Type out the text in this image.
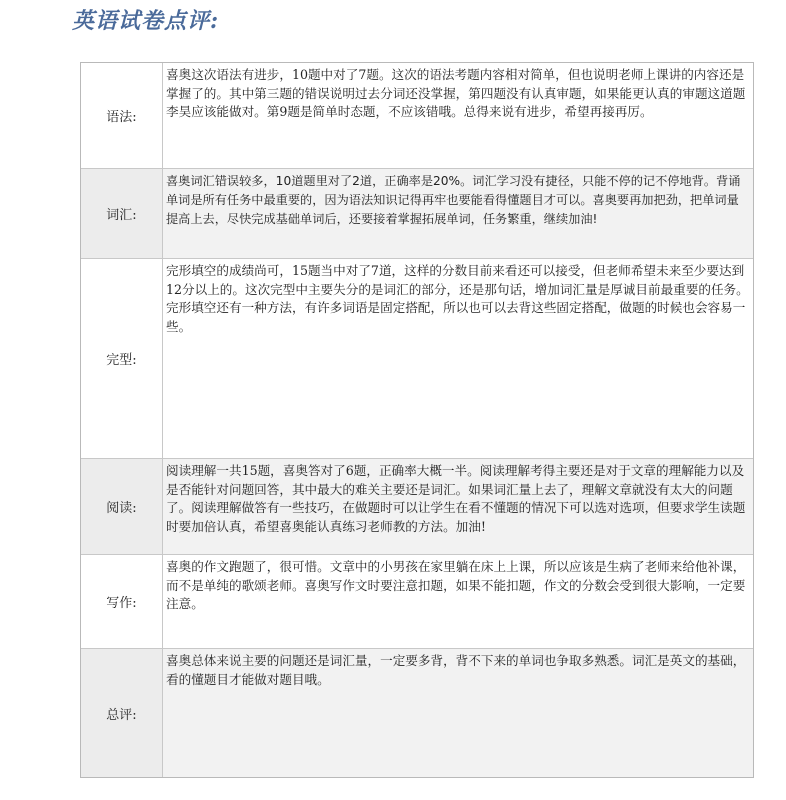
英语试卷点评:
语法:
喜奥这次语法有进步，10题中对了7题。这次的语法考题内容相对简单，但也说明老师上课讲的内容还是掌握了的。其中第三题的错误说明过去分词还没掌握，第四题没有认真审题，如果能更认真的审题这道题李昊应该能做对。第9题是简单时态题，不应该错哦。总得来说有进步，希望再接再厉。
词汇:
喜奥词汇错误较多，10道题里对了2道，正确率是20%。词汇学习没有捷径，只能不停的记不停地背。背诵单词是所有任务中最重要的，因为语法知识记得再牢也要能看得懂题目才可以。喜奥要再加把劲，把单词量提高上去，尽快完成基础单词后，还要接着掌握拓展单词，任务繁重，继续加油!
完型:
完形填空的成绩尚可，15题当中对了7道，这样的分数目前来看还可以接受，但老师希望未来至少要达到12分以上的。这次完型中主要失分的是词汇的部分，还是那句话，增加词汇量是厚诚目前最重要的任务。完形填空还有一种方法，有许多词语是固定搭配，所以也可以去背这些固定搭配，做题的时候也会容易一些。
阅读:
阅读理解一共15题，喜奥答对了6题，正确率大概一半。阅读理解考得主要还是对于文章的理解能力以及是否能针对问题回答，其中最大的难关主要还是词汇。如果词汇量上去了，理解文章就没有太大的问题了。阅读理解做答有一些技巧，在做题时可以让学生在看不懂题的情况下可以选对选项，但要求学生读题时要加倍认真，希望喜奥能认真练习老师教的方法。加油!
写作:
喜奥的作文跑题了，很可惜。文章中的小男孩在家里躺在床上上课，所以应该是生病了老师来给他补课，而不是单纯的歌颂老师。喜奥写作文时要注意扣题，如果不能扣题，作文的分数会受到很大影响，一定要注意。
总评:
喜奥总体来说主要的问题还是词汇量，一定要多背，背不下来的单词也争取多熟悉。词汇是英文的基础，看的懂题目才能做对题目哦。
